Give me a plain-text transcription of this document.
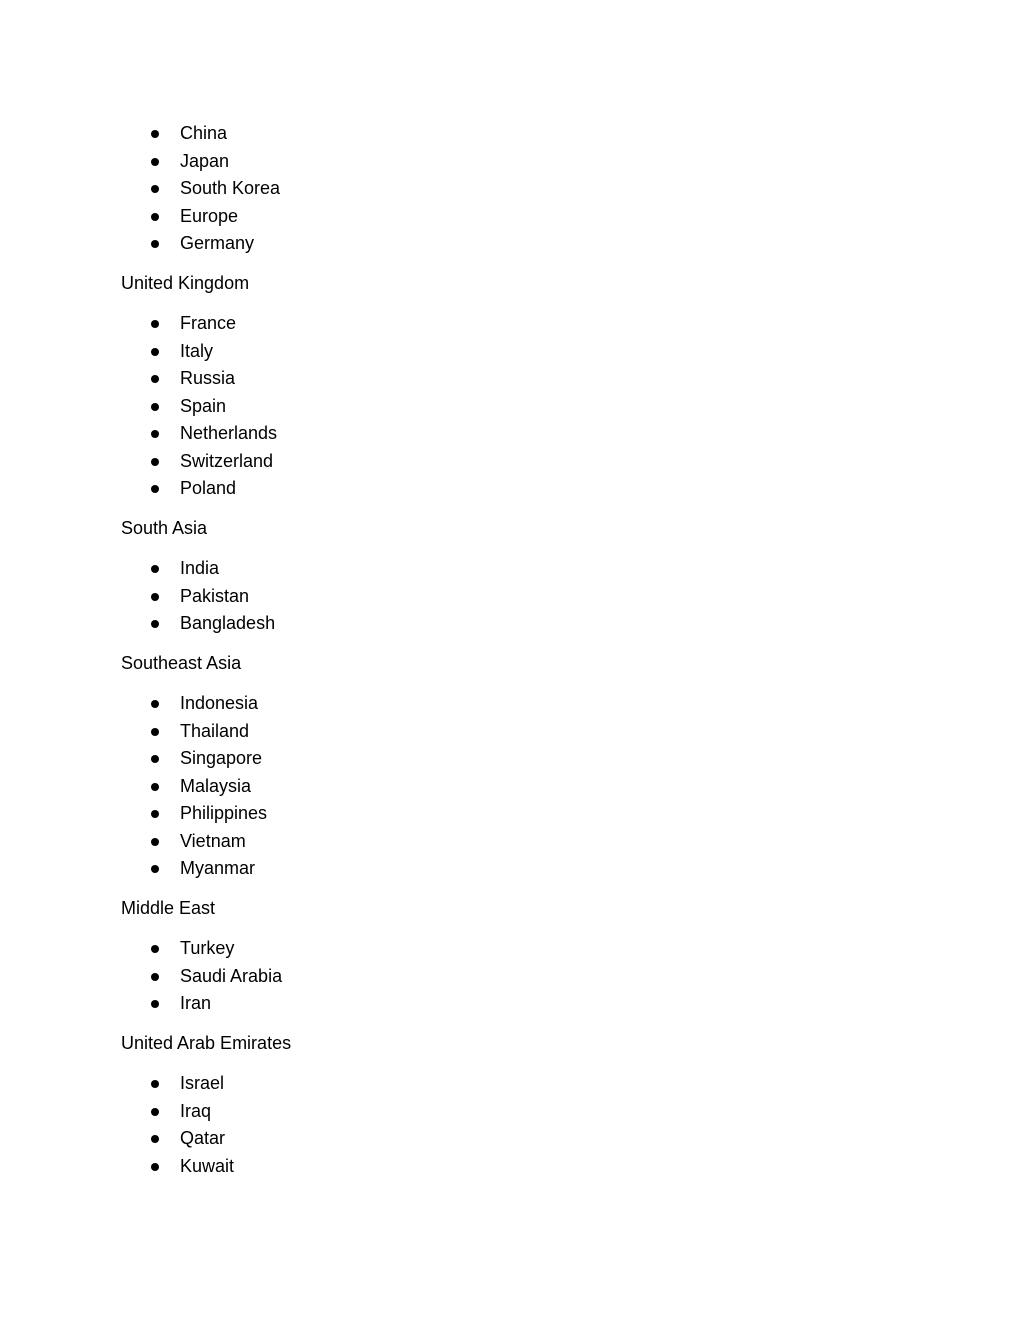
China
Japan
South Korea
Europe
Germany

United Kingdom

France
Italy
Russia
Spain
Netherlands
Switzerland
Poland

South Asia

India
Pakistan
Bangladesh

Southeast Asia

Indonesia
Thailand
Singapore
Malaysia
Philippines
Vietnam
Myanmar

Middle East

Turkey
Saudi Arabia
Iran

United Arab Emirates

Israel
Iraq
Qatar
Kuwait
